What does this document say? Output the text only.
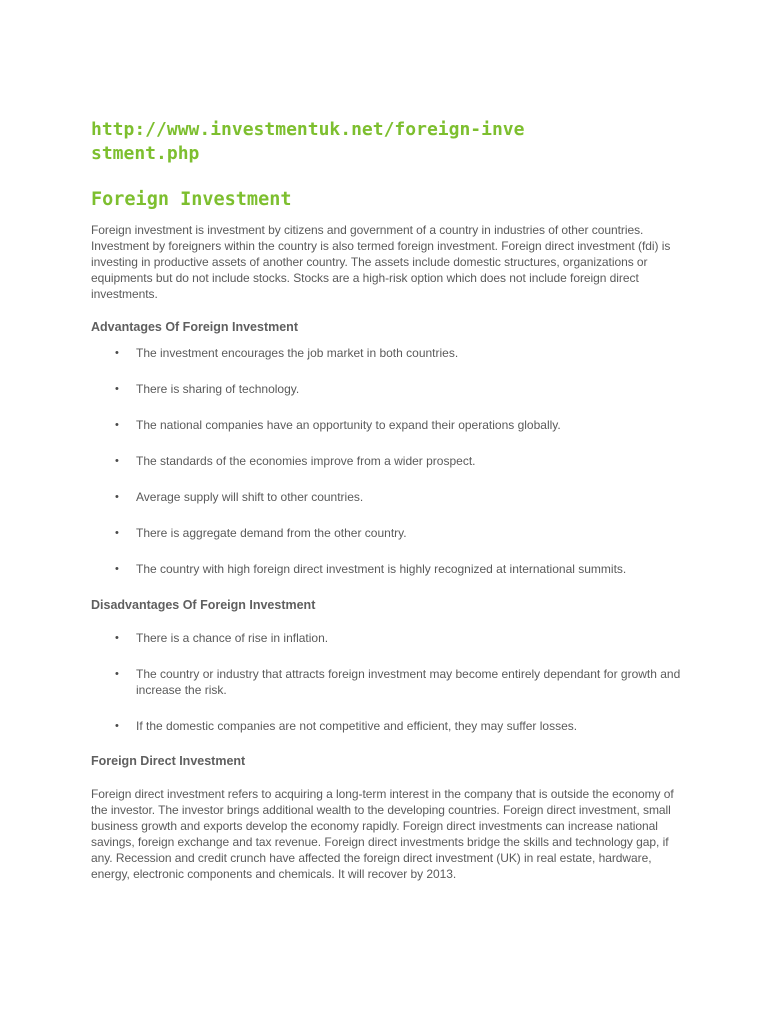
http://www.investmentuk.net/foreign-investment.php
Foreign Investment

Foreign investment is investment by citizens and government of a country in industries of other countries. Investment by foreigners within the country is also termed foreign investment. Foreign direct investment (fdi) is investing in productive assets of another country. The assets include domestic structures, organizations or equipments but do not include stocks. Stocks are a high-risk option which does not include foreign direct investments.

Advantages Of Foreign Investment
• The investment encourages the job market in both countries.
• There is sharing of technology.
• The national companies have an opportunity to expand their operations globally.
• The standards of the economies improve from a wider prospect.
• Average supply will shift to other countries.
• There is aggregate demand from the other country.
• The country with high foreign direct investment is highly recognized at international summits.
Disadvantages Of Foreign Investment
• There is a chance of rise in inflation.
• The country or industry that attracts foreign investment may become entirely dependant for growth and increase the risk.
• If the domestic companies are not competitive and efficient, they may suffer losses.
Foreign Direct Investment

Foreign direct investment refers to acquiring a long-term interest in the company that is outside the economy of the investor. The investor brings additional wealth to the developing countries. Foreign direct investment, small business growth and exports develop the economy rapidly. Foreign direct investments can increase national savings, foreign exchange and tax revenue. Foreign direct investments bridge the skills and technology gap, if any. Recession and credit crunch have affected the foreign direct investment (UK) in real estate, hardware, energy, electronic components and chemicals. It will recover by 2013.
